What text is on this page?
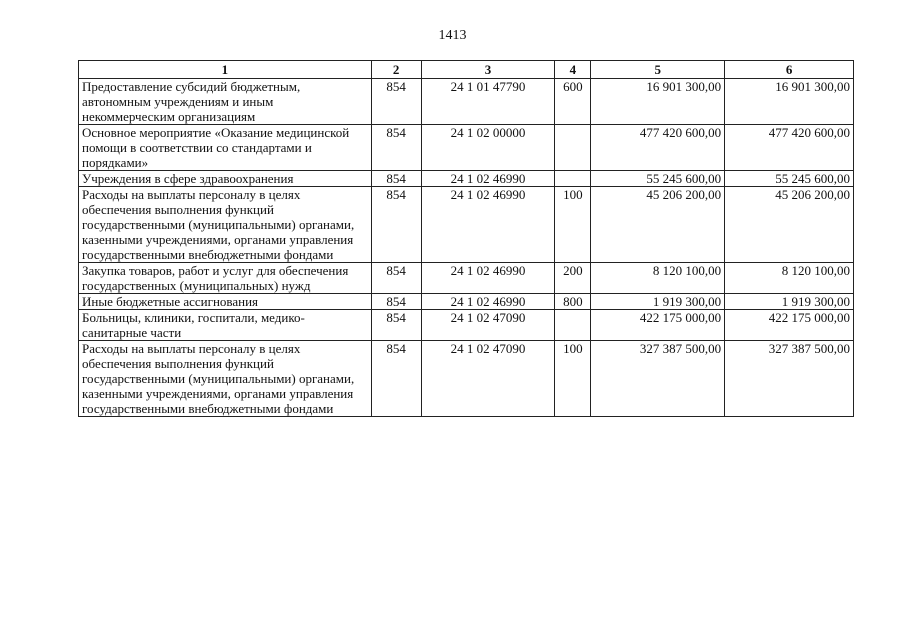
1413
1	2	3	4	5	6
Предоставление субсидий бюджетным, автономным учреждениям и иным некоммерческим организациям	854	24 1 01 47790	600	16 901 300,00	16 901 300,00
Основное мероприятие «Оказание медицинской помощи в соответствии со стандартами и порядками»	854	24 1 02 00000		477 420 600,00	477 420 600,00
Учреждения в сфере здравоохранения	854	24 1 02 46990		55 245 600,00	55 245 600,00
Расходы на выплаты персоналу в целях обеспечения выполнения функций государственными (муниципальными) органами, казенными учреждениями, органами управления государственными внебюджетными фондами	854	24 1 02 46990	100	45 206 200,00	45 206 200,00
Закупка товаров, работ и услуг для обеспечения государственных (муниципальных) нужд	854	24 1 02 46990	200	8 120 100,00	8 120 100,00
Иные бюджетные ассигнования	854	24 1 02 46990	800	1 919 300,00	1 919 300,00
Больницы, клиники, госпитали, медико-санитарные части	854	24 1 02 47090		422 175 000,00	422 175 000,00
Расходы на выплаты персоналу в целях обеспечения выполнения функций государственными (муниципальными) органами, казенными учреждениями, органами управления государственными внебюджетными фондами	854	24 1 02 47090	100	327 387 500,00	327 387 500,00
